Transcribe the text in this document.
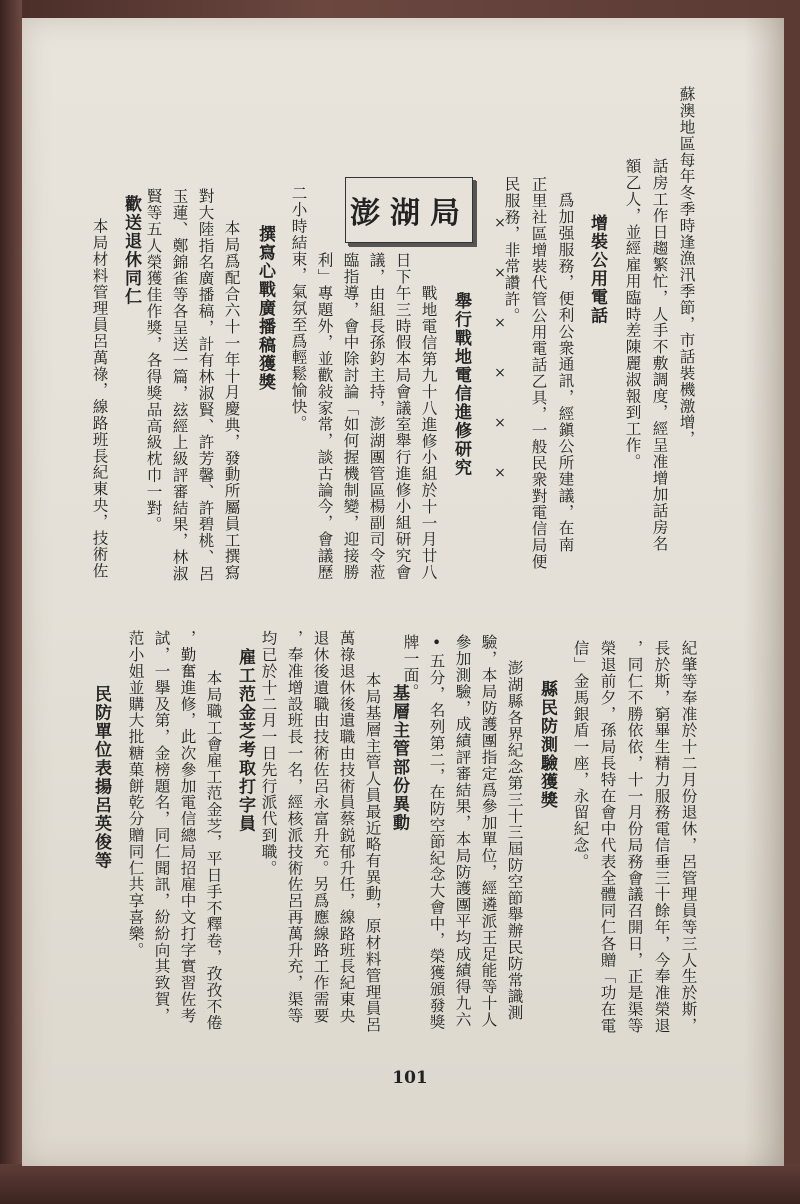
蘇澳地區每年冬季時逢漁汛季節，市話裝機激增，
話房工作日趨繁忙，人手不敷調度，經呈准增加話房名
額乙人，並經雇用臨時差陳麗淑報到工作。
增裝公用電話
爲加强服務，便利公衆通訊，經鎭公所建議，在南
正里社區增裝代管公用電話乙具，一般民衆對電信局便
民服務，非常讚許。
××××××
澎湖局
舉行戰地電信進修研究
戰地電信第九十八進修小組於十一月廿八
日下午三時假本局會議室舉行進修小組研究會
議，由組長孫鈞主持，澎湖團管區楊副司令蒞
臨指導，會中除討論「如何握機制變，迎接勝
利」專題外，並歡敍家常，談古論今，會議歷
二小時結束，氣氛至爲輕鬆愉快。
撰寫心戰廣播稿獲獎
本局爲配合六十一年十月慶典，發動所屬員工撰寫
對大陸指名廣播稿，計有林淑賢、許芳馨、許碧桃、呂
玉蓮、鄭錦雀等各呈送一篇，玆經上級評審結果，林淑
賢等五人榮獲佳作獎，各得獎品高級枕巾一對。
歡送退休同仁
本局材料管理員呂萬祿，線路班長紀東央，技術佐
紀肇等奉准於十二月份退休，呂管理員等三人生於斯，
長於斯，窮畢生精力服務電信垂三十餘年，今奉准榮退
，同仁不勝依依，十一月份局務會議召開日，正是渠等
榮退前夕，孫局長特在會中代表全體同仁各贈「功在電
信」金馬銀盾一座，永留紀念。
縣民防測驗獲獎
澎湖縣各界紀念第三十三屆防空節舉辦民防常識測
驗，本局防護團指定爲參加單位，經遴派王足能等十人
參加測驗，成績評審結果，本局防護團平均成績得九六
•五分，名列第二，在防空節紀念大會中，榮獲頒發獎
牌一面。
基層主管部份異動
本局基層主管人員最近略有異動，原材料管理員呂
萬祿退休後遺職由技術員蔡鋭郁升任，線路班長紀東央
退休後遺職由技術佐呂永富升充。另爲應線路工作需要
，奉准增設班長一名，經核派技術佐呂再萬升充，渠等
均已於十二月一日先行派代到職。
雇工范金芝考取打字員
本局職工會雇工范金芝，平日手不釋卷，孜孜不倦
，勤奮進修，此次參加電信總局招雇中文打字實習佐考
試，一擧及第，金榜題名，同仁聞訊，紛紛向其致賀，
范小姐並購大批糖菓餅乾分贈同仁共享喜樂。
民防單位表揚呂英俊等
101
